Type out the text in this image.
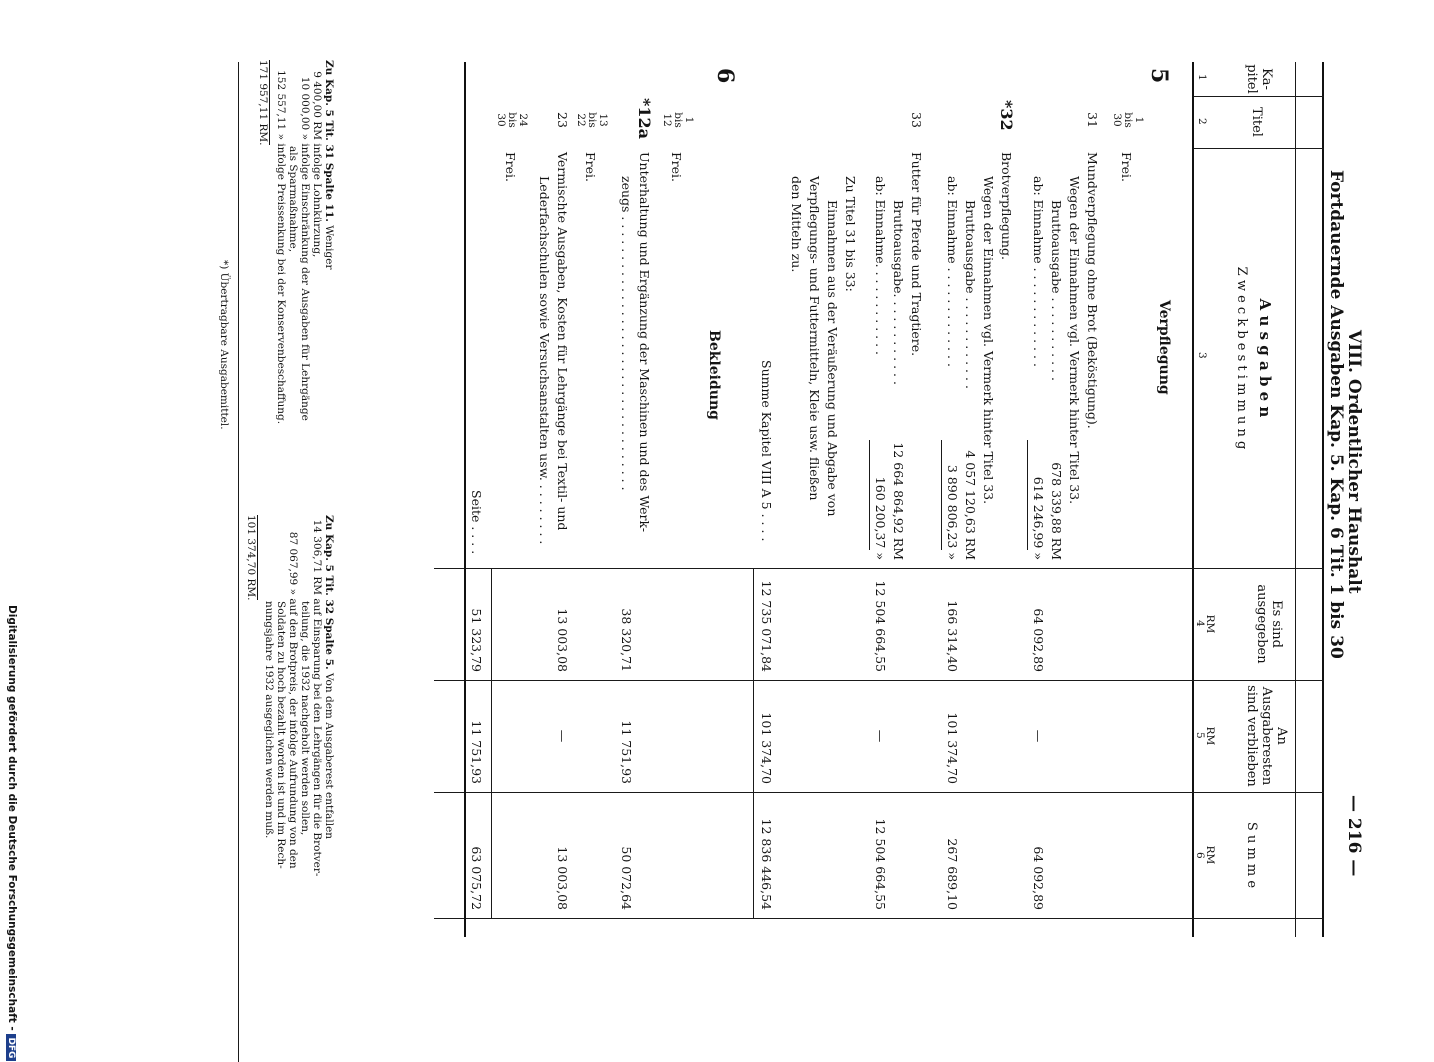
VIII. Ordentlicher Haushalt
Fortdauernde Ausgaben Kap. 5. Kap. 6 Tit. 1 bis 30
— 216 —
Ka-
pitel
Titel
A u s g a b e n
Z w e c k b e s t i m m u n g
Es sind
ausgegeben
An
Ausgaberesten
sind verblieben
S u m m e
RM
RM
RM
1
2
3
4
5
6
5
Verpflegung
1
bis
30
Frei.
31
Mundverpflegung ohne Brot (Beköstigung).
Wegen der Einnahmen vgl. Vermerk hinter Titel 33.
Bruttoausgabe . . . . . . . . . . .
678 339,88 RM
ab: Einnahme . . . . . . . . . . . . .
614 246,99 »
64 092,89
—
64 092,89
*32
Brotverpflegung.
Wegen der Einnahmen vgl. Vermerk hinter Titel 33.
Bruttoausgabe . . . . . . . . . . . .
4 057 120,63 RM
ab: Einnahme . . . . . . . . . . . . .
3 890 806,23 »
166 314,40
101 374,70
267 689,10
33
Futter für Pferde und Tragtiere.
Bruttoausgabe. . . . . . . . . . . .
12 664 864,92 RM
ab: Einnahme. . . . . . . . . . . .
160 200,37 »
12 504 664,55
—
12 504 664,55
Zu Titel 31 bis 33:
Einnahmen aus der Veräußerung und Abgabe von
Verpflegungs- und Futtermitteln, Kleie usw. fließen
den Mitteln zu.
Summe Kapitel VIII A 5 . . . .
12 735 071,84
101 374,70
12 836 446,54
6
Bekleidung
1
bis
12
Frei.
*12a
Unterhaltung und Ergänzung der Maschinen und des Werk-
zeugs . . . . . . . . . . . . . . . . . . . . . . . . . . . . . . . . . . .
38 320,71
11 751,93
50 072,64
13
bis
22
Frei.
23
Vermischte Ausgaben, Kosten für Lehrgänge bei Textil- und
Lederfachschulen sowie Versuchsanstalten usw. . . . . . . . .
13 003,08
—
13 003,08
24
bis
30
Frei.
Seite . . . .
51 323,79
11 751,93
63 075,72
*) Übertragbare Ausgabemittel.
Zu Kap. 5 Tit. 31 Spalte 11. Weniger
9 400,00 RM infolge Lohnkürzung,
10 000,00 » infolge Einschränkung der Ausgaben für Lehrgänge
als Sparmaßnahme,
152 557,11 » infolge Preissenkung bei der Konservenbeschaffung.
171 957,11 RM.
Zu Kap. 5 Tit. 32 Spalte 5. Von dem Ausgaberest entfallen
14 306,71 RM auf Einsparung bei den Lehrgängen für die Brotver-
teilung, die 1932 nachgeholt werden sollen,
87 067,99 » auf den Brotpreis, der infolge Aufrundung von den
Soldaten zu hoch bezahlt worden ist und im Rech-
nungsjahre 1932 ausgeglichen werden muß.
101 374,70 RM.
Digitalisierung gefördert durch die Deutsche Forschungsgemeinschaft - DFG
